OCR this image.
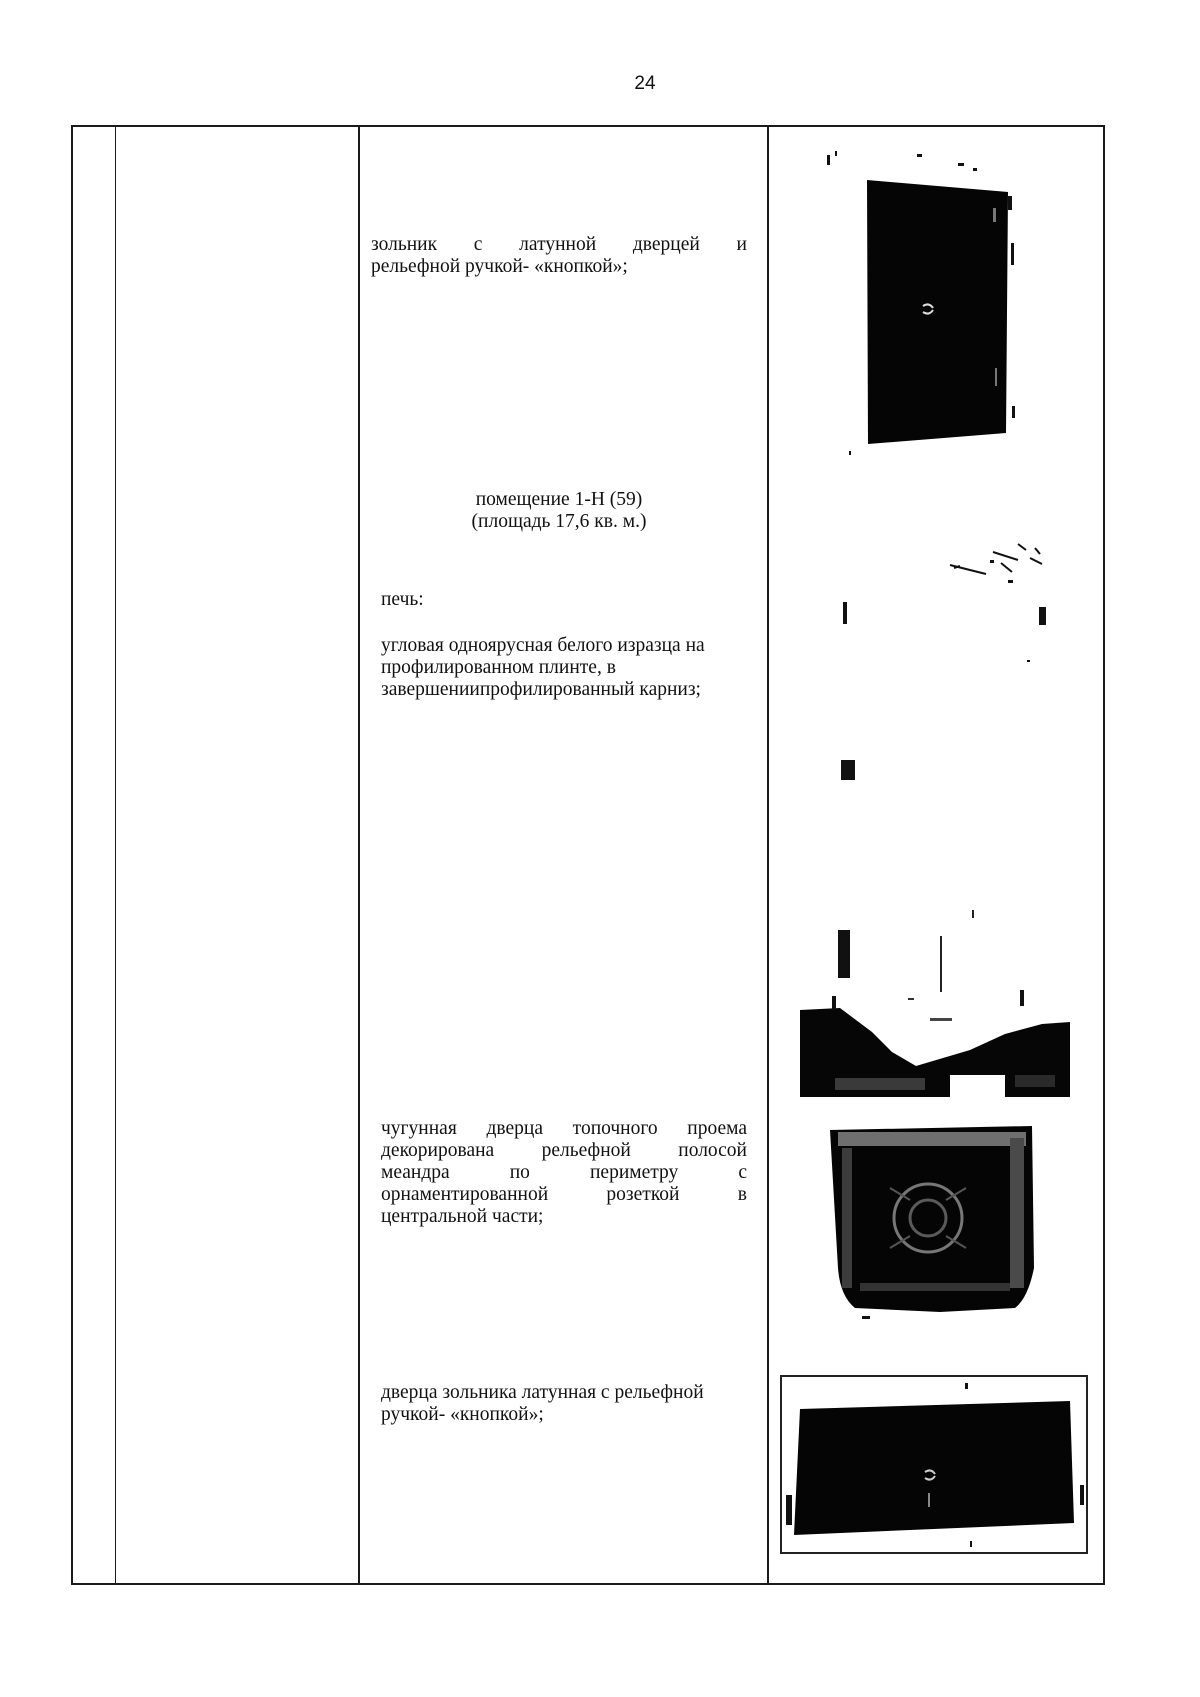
24
зольник с латунной дверцей и
рельефной ручкой- «кнопкой»;
помещение 1-Н (59)
(площадь 17,6 кв. м.)
печь:
угловая одноярусная белого изразца на
профилированном плинте, в
завершениипрофилированный карниз;
чугунная дверца топочного проема
декорирована рельефной полосой
меандра по периметру с
орнаментированной розеткой в
центральной части;
дверца зольника латунная с рельефной
ручкой- «кнопкой»;
